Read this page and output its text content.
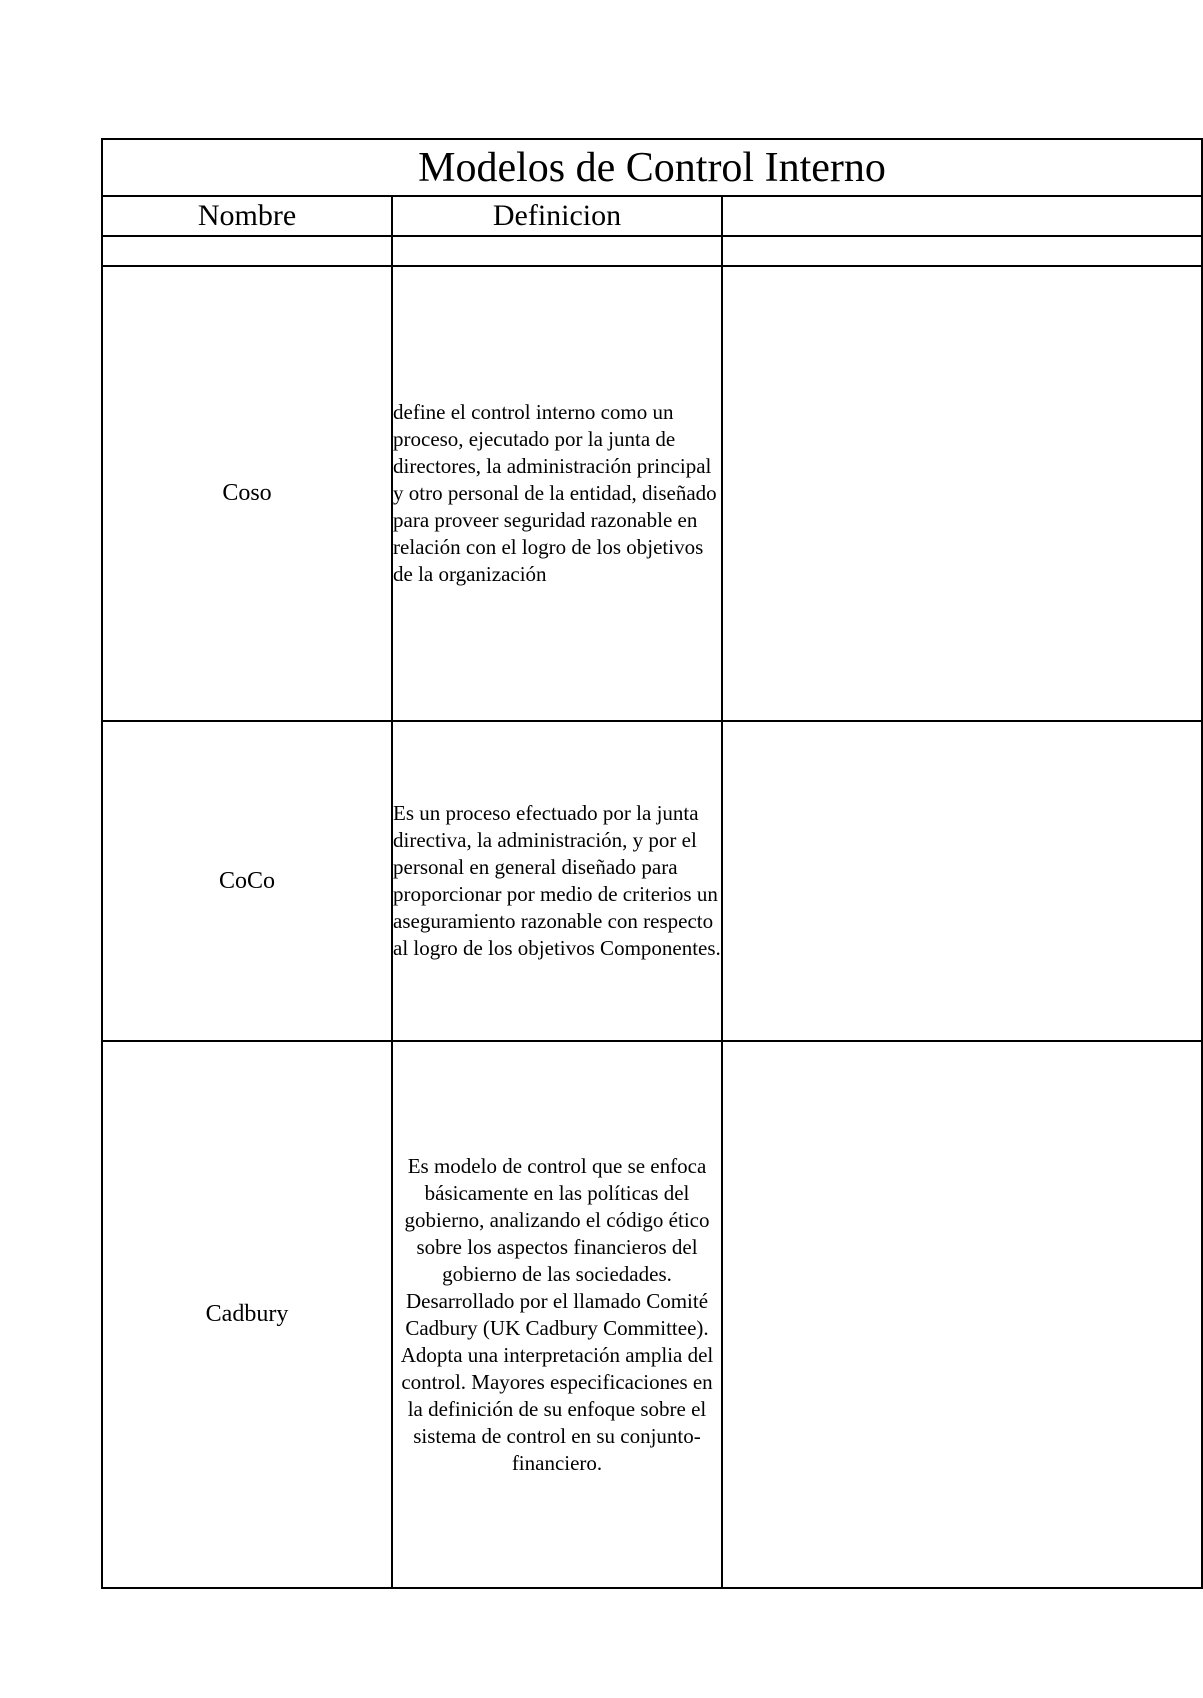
Modelos de Control Interno		
Nombre	Definicion	

Coso	define el control interno como un proceso, ejecutado por la junta de directores, la administración principal y otro personal de la entidad, diseñado para proveer seguridad razonable en relación con el logro de los objetivos de la organización	
CoCo	Es un proceso efectuado por la junta directiva, la administración, y por el personal en general diseñado para proporcionar por medio de criterios un aseguramiento razonable con respecto al logro de los objetivos Componentes.	
Cadbury	Es modelo de control que se enfoca básicamente en las políticas del gobierno, analizando el código ético sobre los aspectos financieros del gobierno de las sociedades. Desarrollado por el llamado Comité Cadbury (UK Cadbury Committee). Adopta una interpretación amplia del control. Mayores especificaciones en la definición de su enfoque sobre el sistema de control en su conjunto-financiero.	
